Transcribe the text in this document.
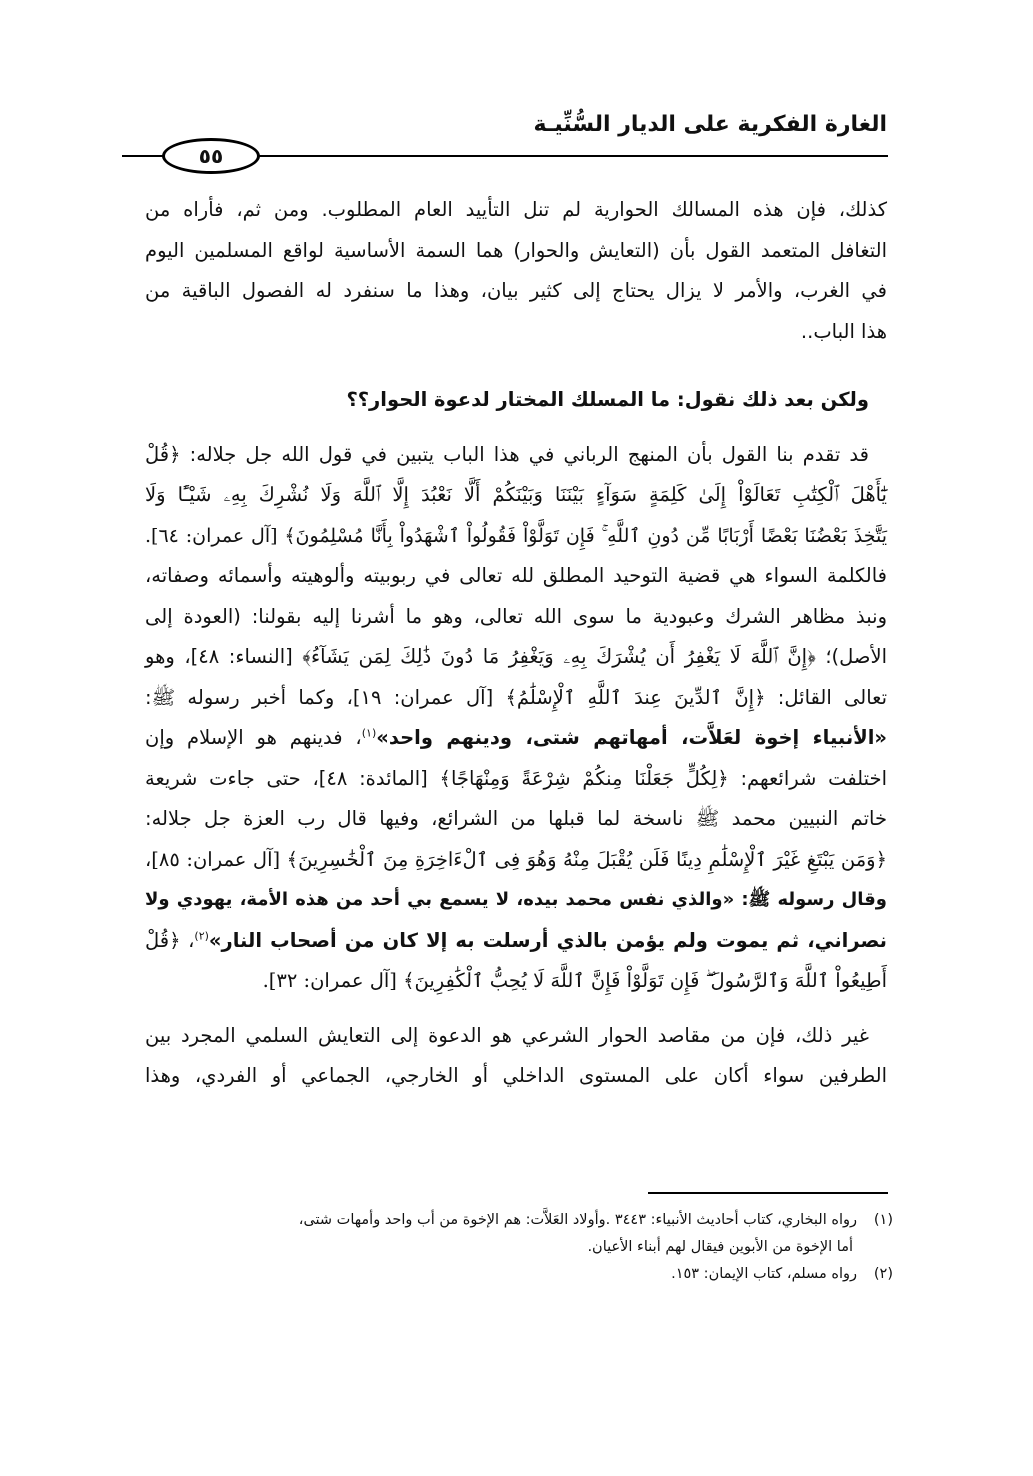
الغارة الفكرية على الديار السُّنِّيـة
٥٥
كذلك، فإن هذه المسالك الحوارية لم تنل التأييد العام المطلوب. ومن ثم، فأراه من
التغافل المتعمد القول بأن (التعايش والحوار) هما السمة الأساسية لواقع المسلمين اليوم
في الغرب، والأمر لا يزال يحتاج إلى كثير بيان، وهذا ما سنفرد له الفصول الباقية من
هذا الباب..
ولكن بعد ذلك نقول: ما المسلك المختار لدعوة الحوار؟؟
قد تقدم بنا القول بأن المنهج الرباني في هذا الباب يتبين في قول الله جل جلاله: ﴿قُلْ
يَٰٓأَهْلَ ٱلْكِتَٰبِ تَعَالَوْاْ إِلَىٰ كَلِمَةٍ سَوَآءٍ بَيْنَنَا وَبَيْنَكُمْ أَلَّا نَعْبُدَ إِلَّا ٱللَّهَ وَلَا نُشْرِكَ بِهِۦ شَيْـًٔا وَلَا
يَتَّخِذَ بَعْضُنَا بَعْضًا أَرْبَابًا مِّن دُونِ ٱللَّهِ ۚ فَإِن تَوَلَّوْاْ فَقُولُواْ ٱشْهَدُواْ بِأَنَّا مُسْلِمُونَ﴾ [آل عمران: ٦٤].
فالكلمة السواء هي قضية التوحيد المطلق لله تعالى في ربوبيته وألوهيته وأسمائه وصفاته،
ونبذ مظاهر الشرك وعبودية ما سوى الله تعالى، وهو ما أشرنا إليه بقولنا: (العودة إلى
الأصل)؛ ﴿إِنَّ ٱللَّهَ لَا يَغْفِرُ أَن يُشْرَكَ بِهِۦ وَيَغْفِرُ مَا دُونَ ذَٰلِكَ لِمَن يَشَآءُ﴾ [النساء: ٤٨]، وهو
تعالى القائل: ﴿إِنَّ ٱلدِّينَ عِندَ ٱللَّهِ ٱلْإِسْلَٰمُ﴾ [آل عمران: ١٩]، وكما أخبر رسوله ﷺ:
«الأنبياء إخوة لعَلاَّت، أمهاتهم شتى، ودينهم واحد»$^{(١)}$، فدينهم هو الإسلام وإن
اختلفت شرائعهم: ﴿لِكُلٍّ جَعَلْنَا مِنكُمْ شِرْعَةً وَمِنْهَاجًا﴾ [المائدة: ٤٨]، حتى جاءت شريعة
خاتم النبيين محمد ﷺ ناسخة لما قبلها من الشرائع، وفيها قال رب العزة جل جلاله:
﴿وَمَن يَبْتَغِ غَيْرَ ٱلْإِسْلَٰمِ دِينًا فَلَن يُقْبَلَ مِنْهُ وَهُوَ فِى ٱلْءَاخِرَةِ مِنَ ٱلْخَٰسِرِينَ﴾ [آل عمران: ٨٥]،
وقال رسوله ﷺ: «والذي نفس محمد بيده، لا يسمع بي أحد من هذه الأمة، يهودي ولا
نصراني، ثم يموت ولم يؤمن بالذي أرسلت به إلا كان من أصحاب النار»$^{(٢)}$، ﴿قُلْ
أَطِيعُواْ ٱللَّهَ وَٱلرَّسُولَ ۖ فَإِن تَوَلَّوْاْ فَإِنَّ ٱللَّهَ لَا يُحِبُّ ٱلْكَٰفِرِينَ﴾ [آل عمران: ٣٢].
غير ذلك، فإن من مقاصد الحوار الشرعي هو الدعوة إلى التعايش السلمي المجرد بين
الطرفين سواء أكان على المستوى الداخلي أو الخارجي، الجماعي أو الفردي، وهذا
(١)رواه البخاري، كتاب أحاديث الأنبياء: ٣٤٤٣ .وأولاد العَلاَّت: هم الإخوة من أب واحد وأمهات شتى،
أما الإخوة من الأبوين فيقال لهم أبناء الأعيان.
(٢)رواه مسلم، كتاب الإيمان: ١٥٣.
